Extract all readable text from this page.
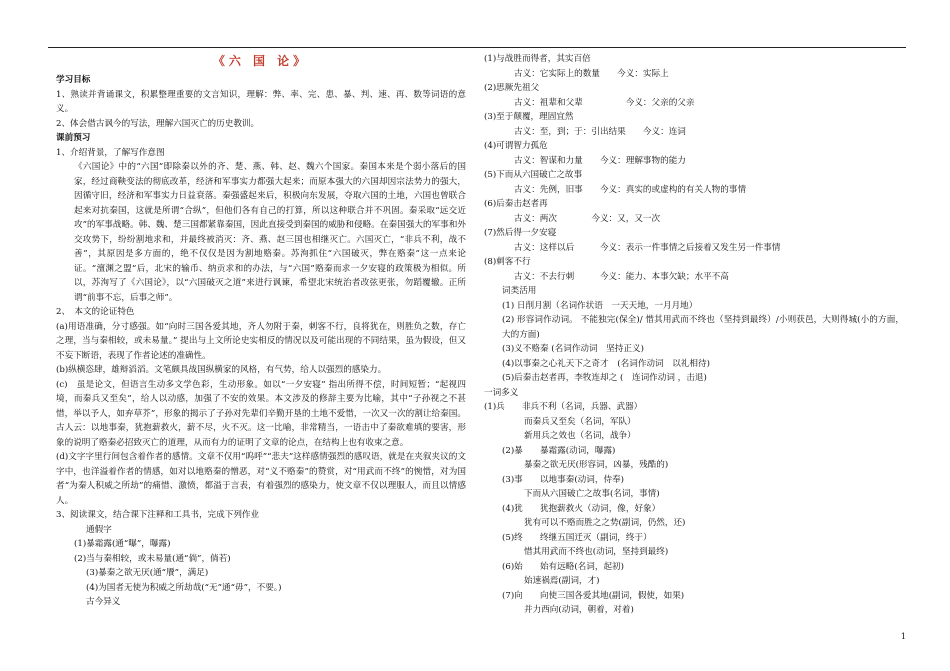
《六 国 论》
学习目标
1、熟读并背诵课文，积累整理重要的文言知识，理解：弊、率、完、患、暴、判、速、再、数等词语的意义。
2、体会借古讽今的写法，理解六国灭亡的历史教训。
课前预习
1、介绍背景，了解写作意图
《六国论》中的“六国”即除秦以外的齐、楚、燕、韩、赵、魏六个国家。秦国本来是个弱小落后的国家，经过商鞅变法的彻底改革，经济和军事实力都强大起来；而原本强大的六国却因宗法势力的强大，因循守旧，经济和军事实力日益衰落。秦强盛起来后，积极向东发展，夺取六国的土地，六国也曾联合起来对抗秦国，这就是所谓“合纵”，但他们各有自己的打算，所以这种联合并不巩固。秦采取“远交近攻”的军事战略。韩、魏、楚三国都紧靠秦国，因此直接受到秦国的威胁和侵略。在秦国强大的军事和外交攻势下，纷纷割地求和，并最终被消灭：齐、燕、赵三国也相继灭亡。六国灭亡，“非兵不利，战不善”，其原因是多方面的，绝不仅仅是因为割地赂秦。苏洵抓住“六国破灭，弊在赂秦”这一点来论证。“澶渊之盟”后，北宋的输币、纳贡求和的办法，与“六国”赂秦而求一夕安寝的政策极为相似。所以，苏洵写了《六国论》，以“六国破灭之道”来进行讽谏，希望北宋统治者改弦更张，勿蹈覆辙。正所谓“前事不忘，后事之师”。
2、　本文的论证特色
(a)用语准确，分寸感强。如“向时三国各爱其地，齐人勿附于秦，刺客不行，良将犹在，则胜负之数，存亡之理，当与秦相较，或未易量。” 提出与上文所论史实相反的情况以及可能出现的不同结果，虽为假设，但又不妄下断语，表现了作者论述的准确性。
(b)纵横恣肆，雄辩滔滔。文笔颇具战国纵横家的风格，有气势，给人以强烈的感染力。
(c)　虽是论文，但语言生动多文学色彩，生动形象。如以“一夕安寝” 指出所得不偿，时间短暂；“起视四境，而秦兵又至矣”，给人以动感，加强了不安的效果。本文涉及的修辞主要为比喻，其中“子孙视之不甚惜，举以予人，如弃草芥”，形象的揭示了子孙对先辈们辛勤开垦的土地不爱惜，一次又一次的割让给秦国。古人云：以地事秦，犹抱薪救火，薪不尽，火不灭。这一比喻，非常精当，一语击中了秦欲难填的要害，形象的说明了赂秦必招致灭亡的道理，从而有力的证明了文章的论点，在结构上也有收束之意。
(d)文字字里行间包含着作者的感情。文章不仅用“呜呼”“悲夫”这样感情强烈的感叹语，就是在夹叙夹议的文字中，也洋溢着作者的情感，如对以地赂秦的憎恶，对“义不赂秦”的赞赏，对“用武而不终”的惋惜，对为国者“为秦人积威之所劫”的痛惜、激愤，都溢于言表，有着强烈的感染力，使文章不仅以理服人，而且以情感人。
3、阅读课文，结合课下注释和工具书，完成下列作业
通假字
(1)暴霜露(通“曝”，曝露)
(2)当与秦相较，或未易量(通“倘”，倘若)
(3)暴秦之欲无厌(通“餍”，满足)
(4)为国者无使为积威之所劫哉(“无”通“毋”，不要。)
古今异义
(1)与战胜而得者，其实百倍
古义：它实际上的数量　　今义：实际上
(2)思厥先祖父
古义：祖辈和父辈　　　　　今义：父亲的父亲
(3)至于颠覆，理固宜然
古义：至，到；于：引出结果　　今义：连词
(4)可谓智力孤危
古义：智谋和力量　　今义：理解事物的能力
(5)下而从六国破亡之故事
古义：先例，旧事　　今义：真实的或虚构的有关人物的事情
(6)后秦击赵者再
古义：两次　　　　今义：又，又一次
(7)然后得一夕安寝
古义：这样以后　　　今义：表示一件事情之后接着又发生另一件事情
(8)刺客不行
古义：不去行刺　　　今义：能力、本事欠缺；水平不高
词类活用
(1) 日削月割（名词作状语　一天天地，一月月地）
(2) 形容词作动词。 不能独完(保全)/ 惜其用武而不终也（坚持到最终）/小则获邑，大则得城(小的方面，大的方面)
(3)义不赂秦 (名词作动词　坚持正义)
(4)以事秦之心礼天下之奇才　(名词作动词　以礼相待)
(5)后秦击赵者再，李牧连却之 (　连词作动词 ，击退)
一词多义
(1)兵　　非兵不利（名词，兵器、武器）
而秦兵又至矣（名词，军队）
新用兵之效也（名词，战争）
(2)暴　　暴霜露(动词，曝露)
暴秦之欲无厌(形容词，凶暴，残酷的)
(3)事　　以地事秦(动词，侍奉)
下而从六国破亡之故事(名词，事情)
(4)犹　　犹抱薪救火（动词，像，好象）
犹有可以不赂而胜之之势(副词，仍然，还)
(5)终　　终继五国迁灭（副词，终于）
惜其用武而不终也(动词，坚持到最终)
(6)始　　始有远略(名词，起初)
始速祸焉(副词，才)
(7)向　　向使三国各爱其地(副词，假使，如果)
并力西向(动词，朝着，对着)
1
